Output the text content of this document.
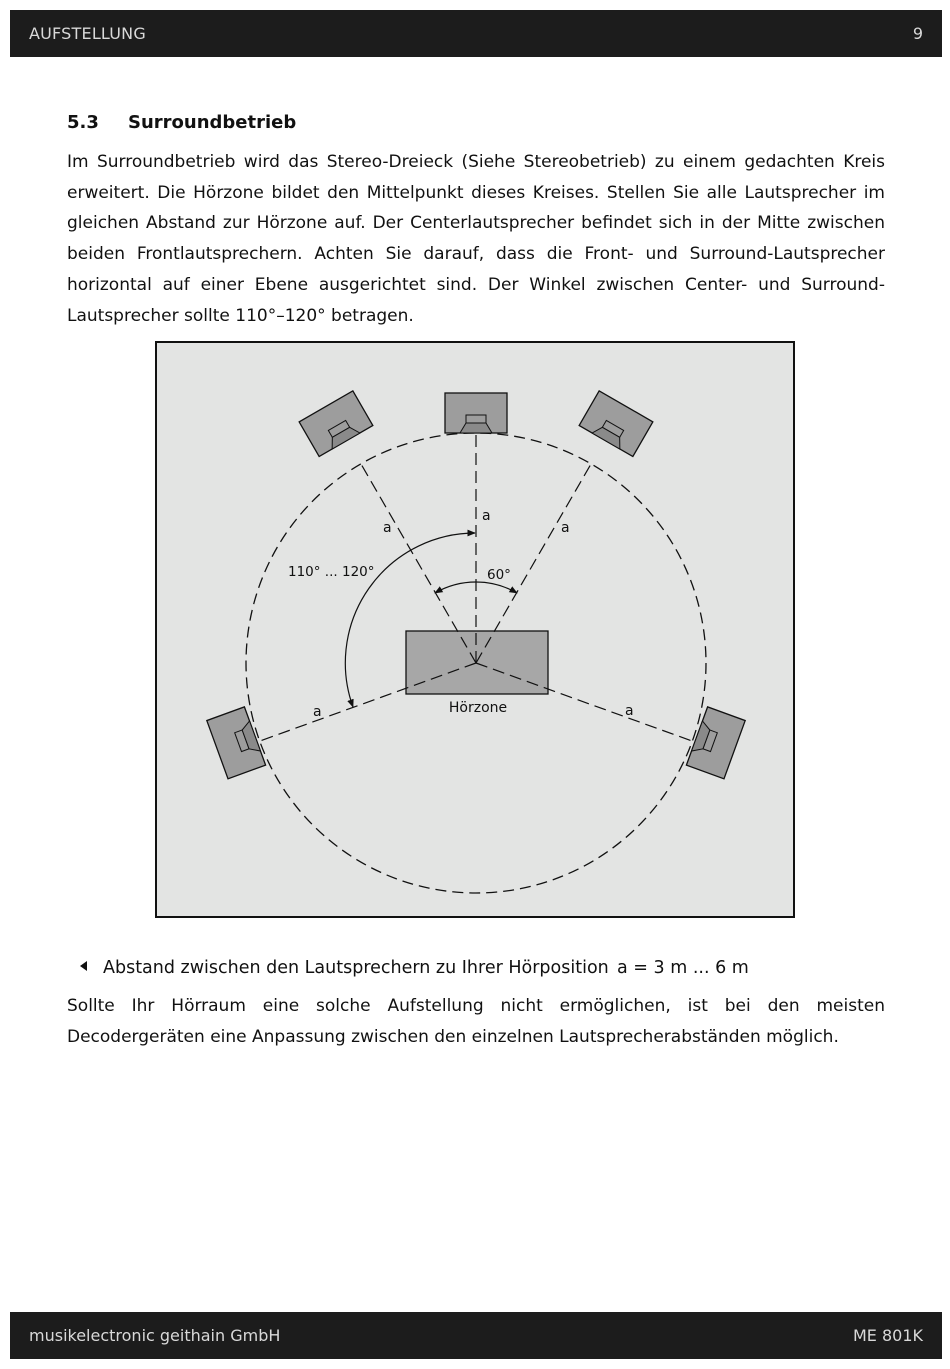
AUFSTELLUNG	9
5.3 Surroundbetrieb

Im Surroundbetrieb wird das Stereo-Dreieck (Siehe Stereobetrieb) zu einem gedachten Kreis erweitert. Die Hörzone bildet den Mittelpunkt dieses Kreises. Stellen Sie alle Lautsprecher im gleichen Abstand zur Hörzone auf. Der Centerlautsprecher befindet sich in der Mitte zwischen beiden Frontlautsprechern. Achten Sie darauf, dass die Front- und Surround-Lautsprecher horizontal auf einer Ebene ausgerichtet sind. Der Winkel zwischen Center- und Surround-Lautsprecher sollte 110°–120° betragen.

a
a	a
a	a
110° ... 120°	60°
Hörzone
Abstand zwischen den Lautsprechern zu Ihrer Hörposition a = 3 m ... 6 m

Sollte Ihr Hörraum eine solche Aufstellung nicht ermöglichen, ist bei den meisten Decodergeräten eine Anpassung zwischen den einzelnen Lautsprecherabständen möglich.

musikelectronic geithain GmbH	ME 801K
